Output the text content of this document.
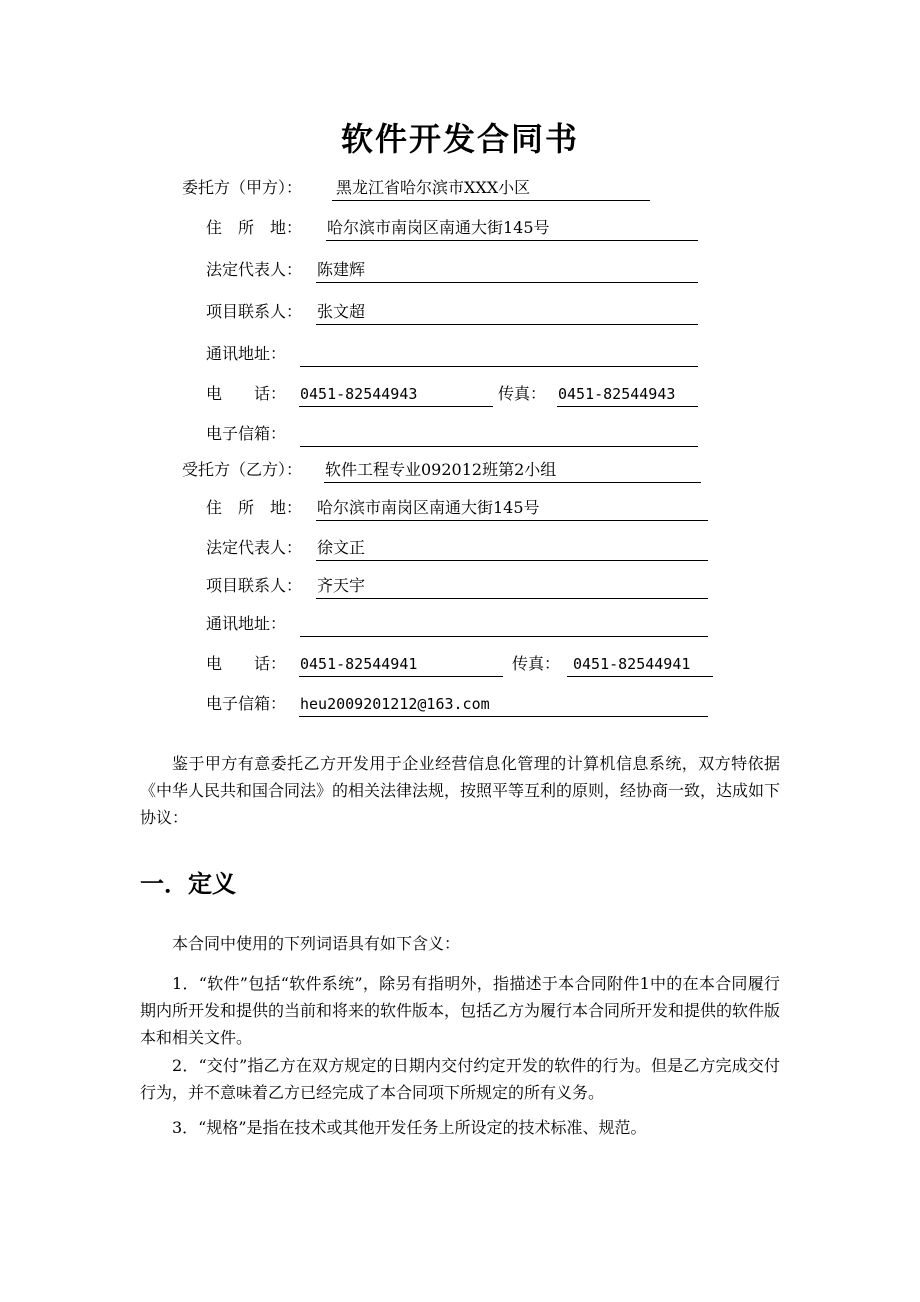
软件开发合同书
委托方（甲方）： 黑龙江省哈尔滨市XXX小区
住　所　地： 哈尔滨市南岗区南通大街145号
法定代表人： 陈建辉
项目联系人： 张文超
通讯地址：
电　　话： 0451-82544943	传真： 0451-82544943
电子信箱：
受托方（乙方）： 软件工程专业092012班第2小组
住　所　地： 哈尔滨市南岗区南通大街145号
法定代表人： 徐文正
项目联系人： 齐天宇
通讯地址：
电　　话： 0451-82544941	传真： 0451-82544941
电子信箱： heu2009201212@163.com

鉴于甲方有意委托乙方开发用于企业经营信息化管理的计算机信息系统，双方特依据《中华人民共和国合同法》的相关法律法规，按照平等互利的原则，经协商一致，达成如下协议：

一．定义

本合同中使用的下列词语具有如下含义：

1．“软件”包括“软件系统”，除另有指明外，指描述于本合同附件1中的在本合同履行期内所开发和提供的当前和将来的软件版本，包括乙方为履行本合同所开发和提供的软件版本和相关文件。

2．“交付”指乙方在双方规定的日期内交付约定开发的软件的行为。但是乙方完成交付行为，并不意味着乙方已经完成了本合同项下所规定的所有义务。

3．“规格”是指在技术或其他开发任务上所设定的技术标准、规范。
